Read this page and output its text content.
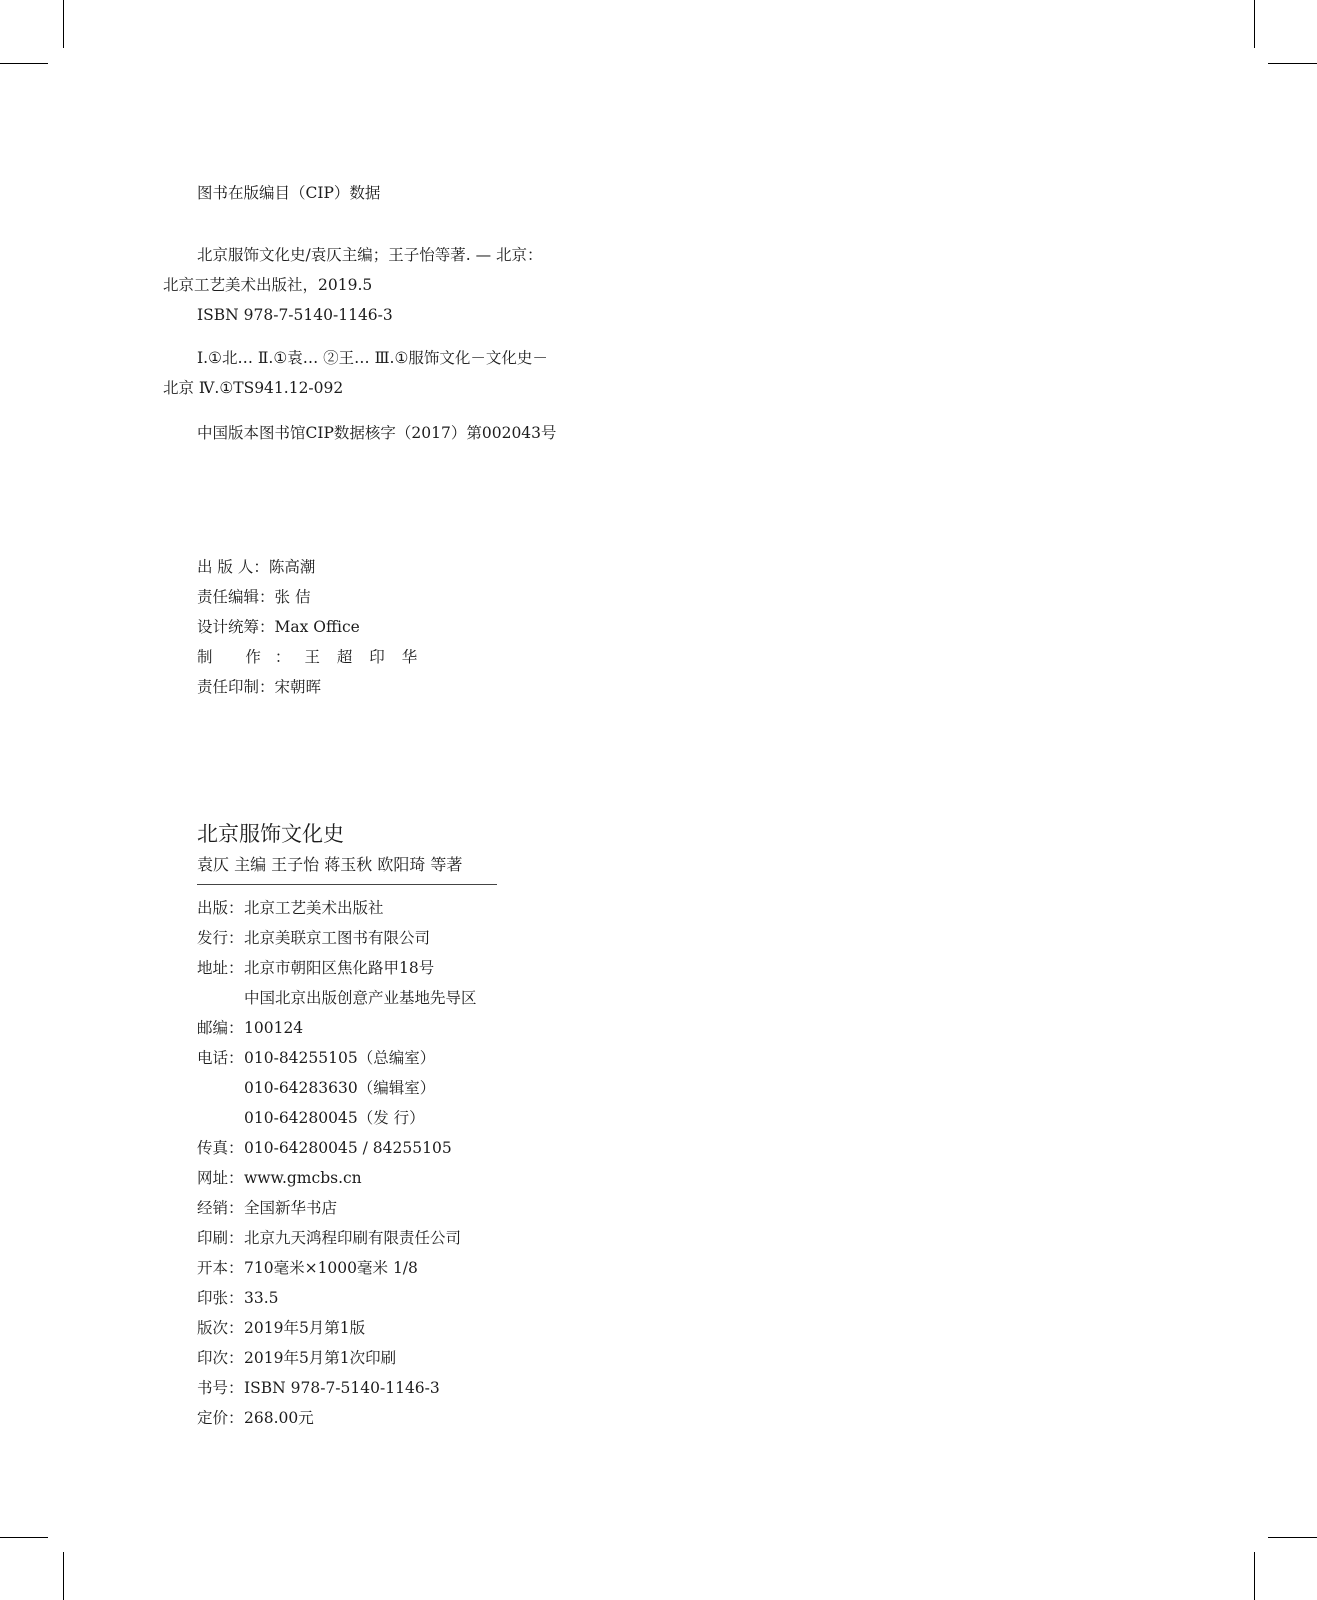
图书在版编目（CIP）数据
北京服饰文化史/袁仄主编；王子怡等著. — 北京：
北京工艺美术出版社，2019.5
ISBN 978-7-5140-1146-3
Ⅰ.①北… Ⅱ.①袁… ②王… Ⅲ.①服饰文化－文化史－
北京 Ⅳ.①TS941.12-092
中国版本图书馆CIP数据核字（2017）第002043号
出 版 人：陈高潮
责任编辑：张 佶
设计统筹：Max Office
制 作：王 超 印 华
责任印制：宋朝晖
北京服饰文化史
袁仄 主编 王子怡 蒋玉秋 欧阳琦 等著
出版： 北京工艺美术出版社
发行： 北京美联京工图书有限公司
地址： 北京市朝阳区焦化路甲18号
中国北京出版创意产业基地先导区
邮编： 100124
电话： 010-84255105（总编室）
010-64283630（编辑室）
010-64280045（发 行）
传真： 010-64280045 / 84255105
网址： www.gmcbs.cn
经销： 全国新华书店
印刷： 北京九天鸿程印刷有限责任公司
开本： 710毫米×1000毫米 1/8
印张： 33.5
版次： 2019年5月第1版
印次： 2019年5月第1次印刷
书号： ISBN 978-7-5140-1146-3
定价： 268.00元
